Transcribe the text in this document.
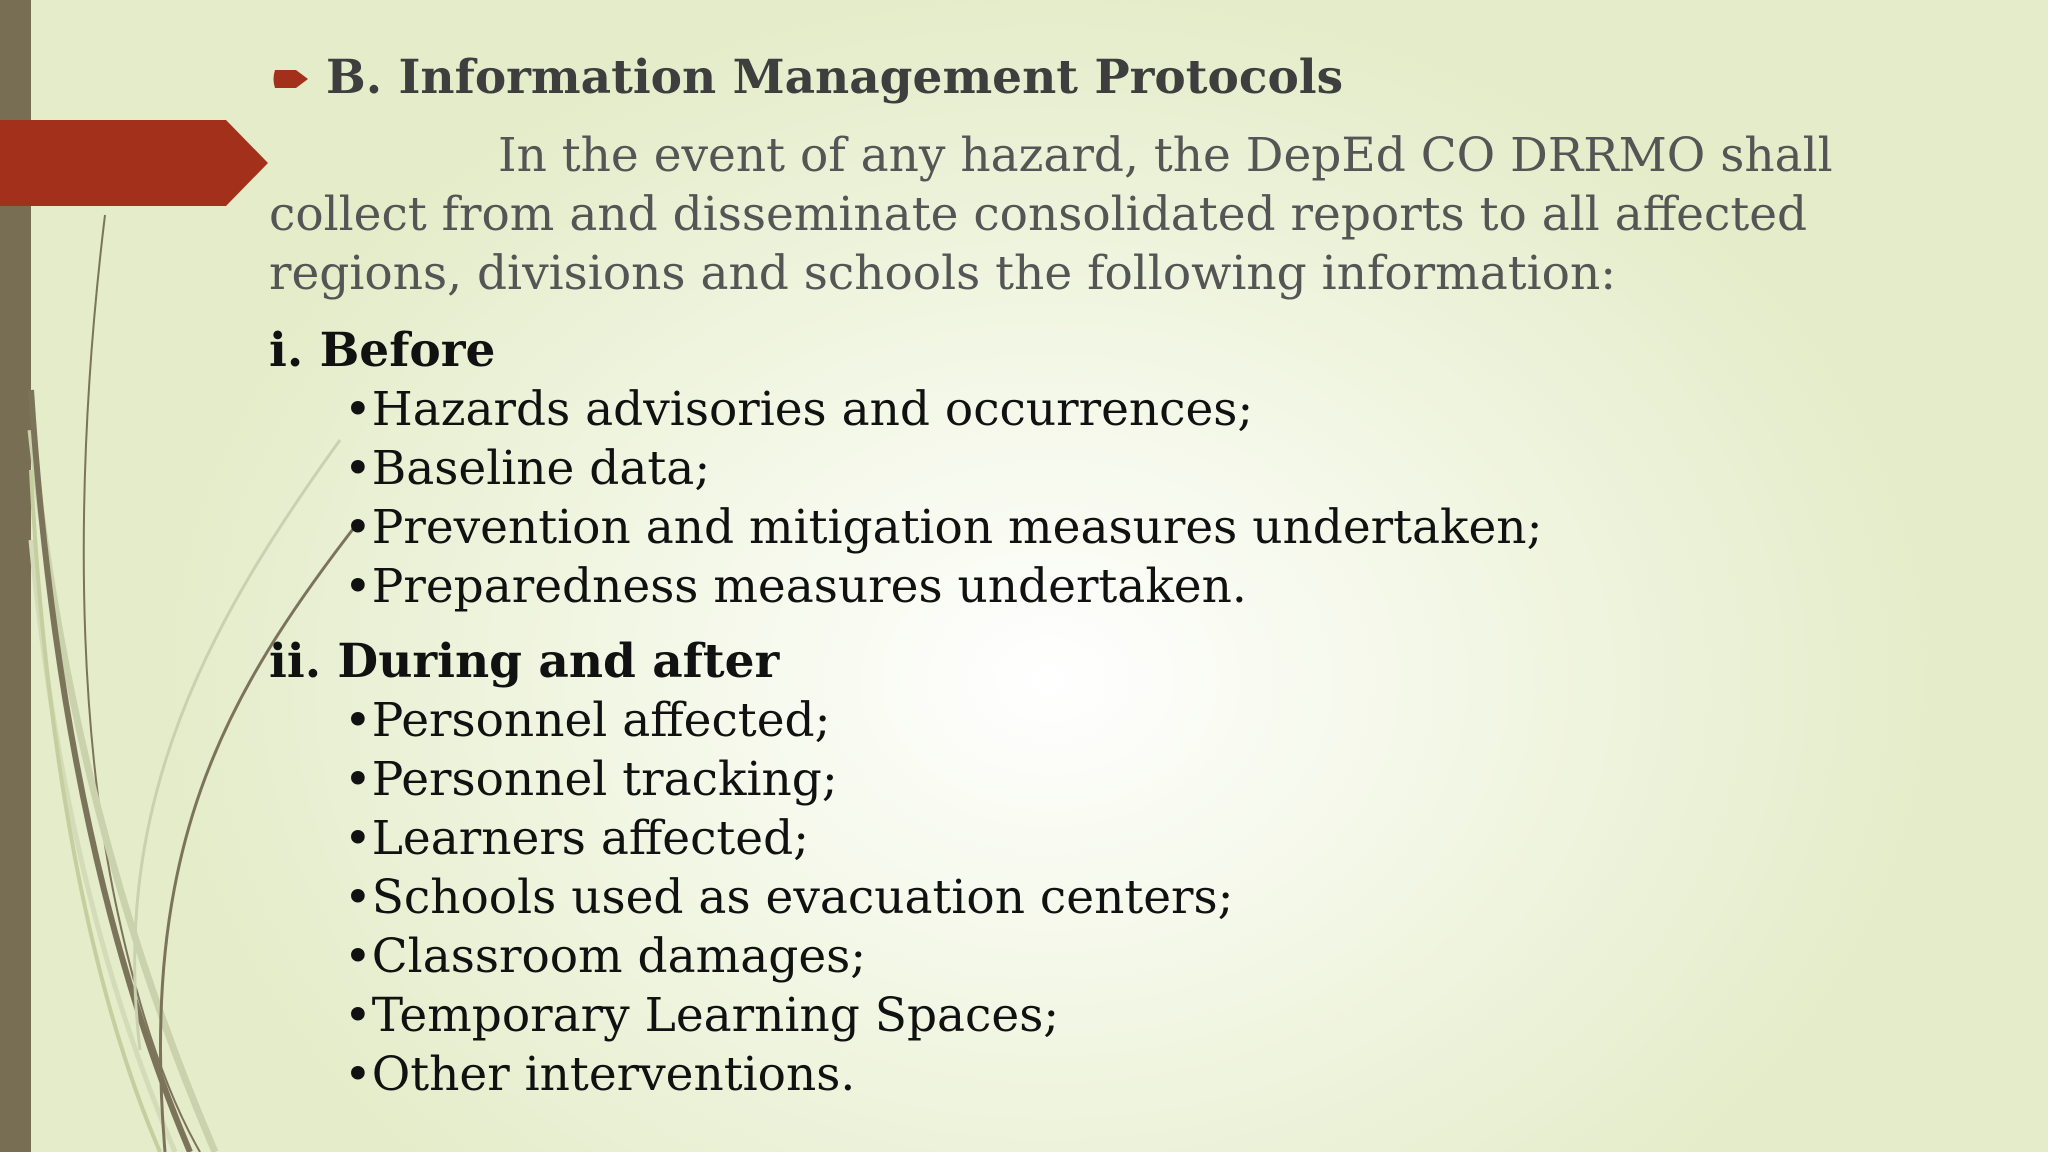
B. Information Management Protocols
In the event of any hazard, the DepEd CO DRRMO shall
collect from and disseminate consolidated reports to all affected
regions, divisions and schools the following information:
i. Before
•Hazards advisories and occurrences;
•Baseline data;
•Prevention and mitigation measures undertaken;
•Preparedness measures undertaken.
ii. During and after
•Personnel affected;
•Personnel tracking;
•Learners affected;
•Schools used as evacuation centers;
•Classroom damages;
•Temporary Learning Spaces;
•Other interventions.
